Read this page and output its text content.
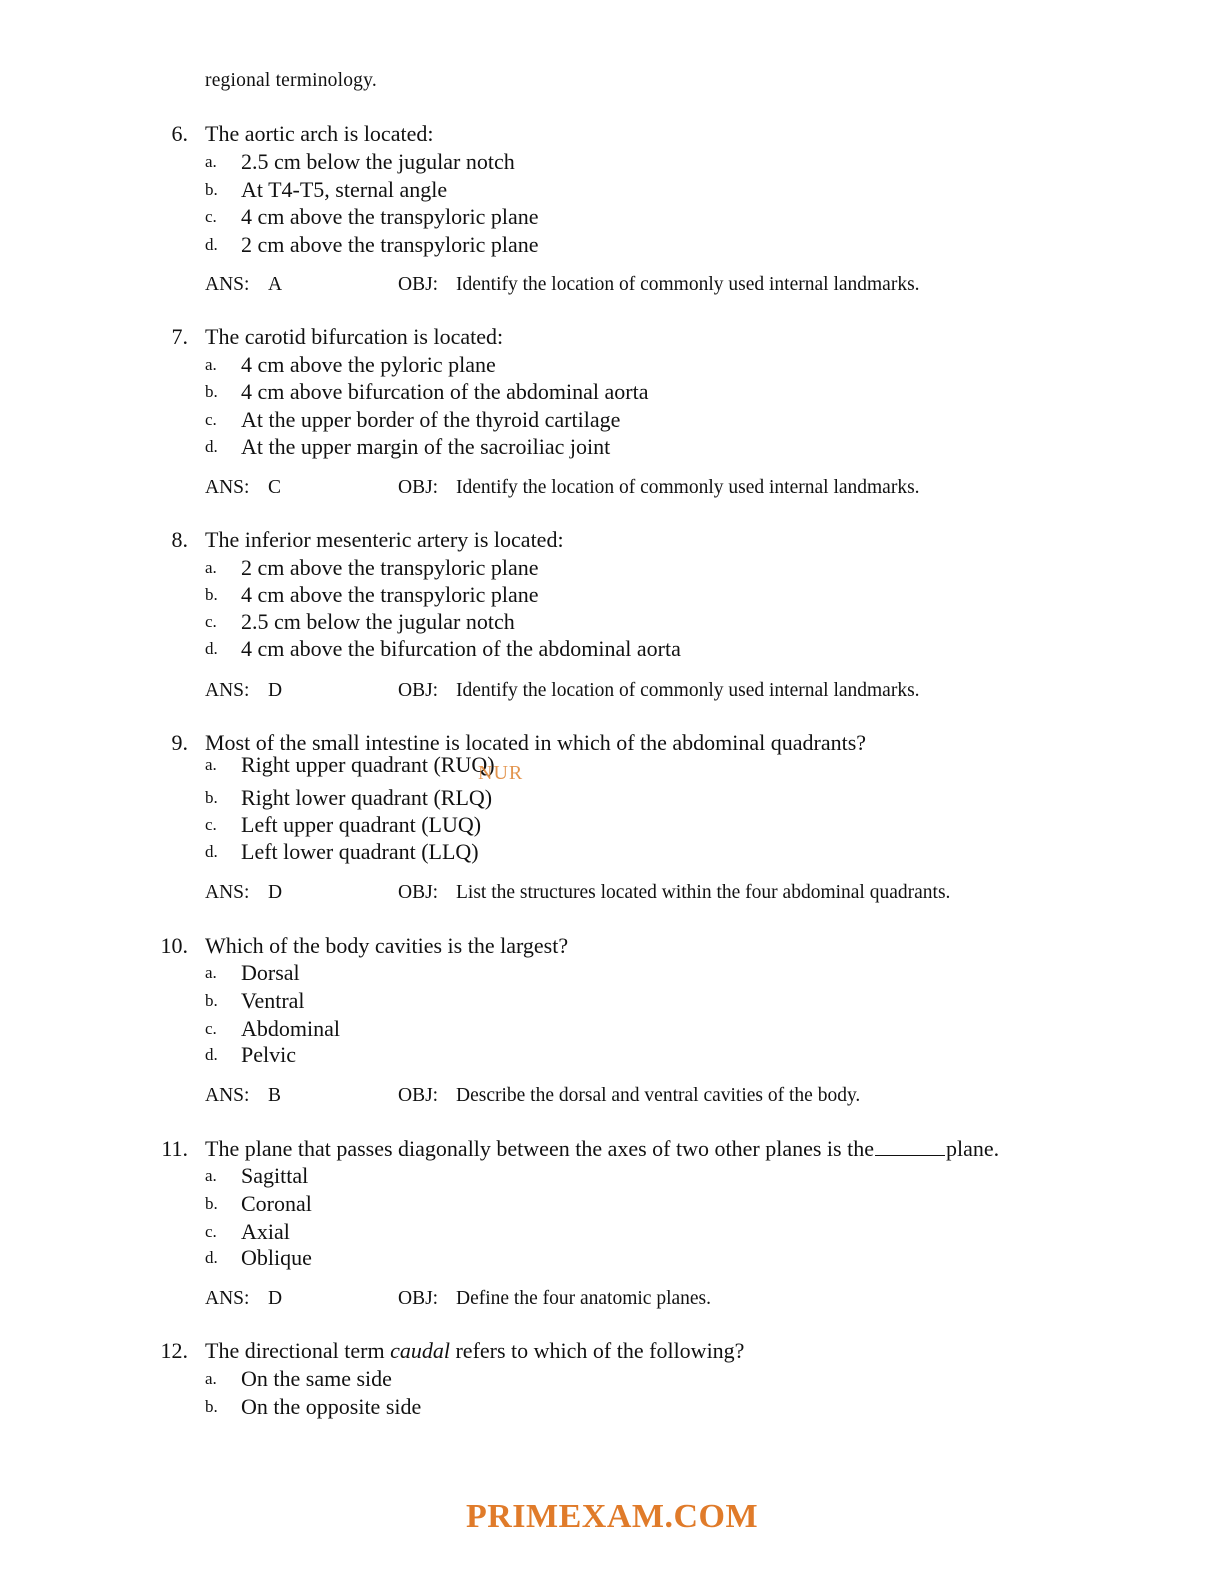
regional terminology.
6. The aortic arch is located:
a. 2.5 cm below the jugular notch
b. At T4-T5, sternal angle
c. 4 cm above the transpyloric plane
d. 2 cm above the transpyloric plane
ANS: A	OBJ: Identify the location of commonly used internal landmarks.
7. The carotid bifurcation is located:
a. 4 cm above the pyloric plane
b. 4 cm above bifurcation of the abdominal aorta
c. At the upper border of the thyroid cartilage
d. At the upper margin of the sacroiliac joint
ANS: C	OBJ: Identify the location of commonly used internal landmarks.
8. The inferior mesenteric artery is located:
a. 2 cm above the transpyloric plane
b. 4 cm above the transpyloric plane
c. 2.5 cm below the jugular notch
d. 4 cm above the bifurcation of the abdominal aorta
ANS: D	OBJ: Identify the location of commonly used internal landmarks.
9. Most of the small intestine is located in which of the abdominal quadrants?
a. Right upper quadrant (RUQ)
b. Right lower quadrant (RLQ)
c. Left upper quadrant (LUQ)
d. Left lower quadrant (LLQ)
ANS: D	OBJ: List the structures located within the four abdominal quadrants.
NUR
10. Which of the body cavities is the largest?
a. Dorsal
b. Ventral
c. Abdominal
d. Pelvic
ANS: B	OBJ: Describe the dorsal and ventral cavities of the body.
11. The plane that passes diagonally between the axes of two other planes is the	plane.
a. Sagittal
b. Coronal
c. Axial
d. Oblique
ANS: D	OBJ: Define the four anatomic planes.
12. The directional term caudal refers to which of the following?
a. On the same side
b. On the opposite side
PRIMEXAM.COM
